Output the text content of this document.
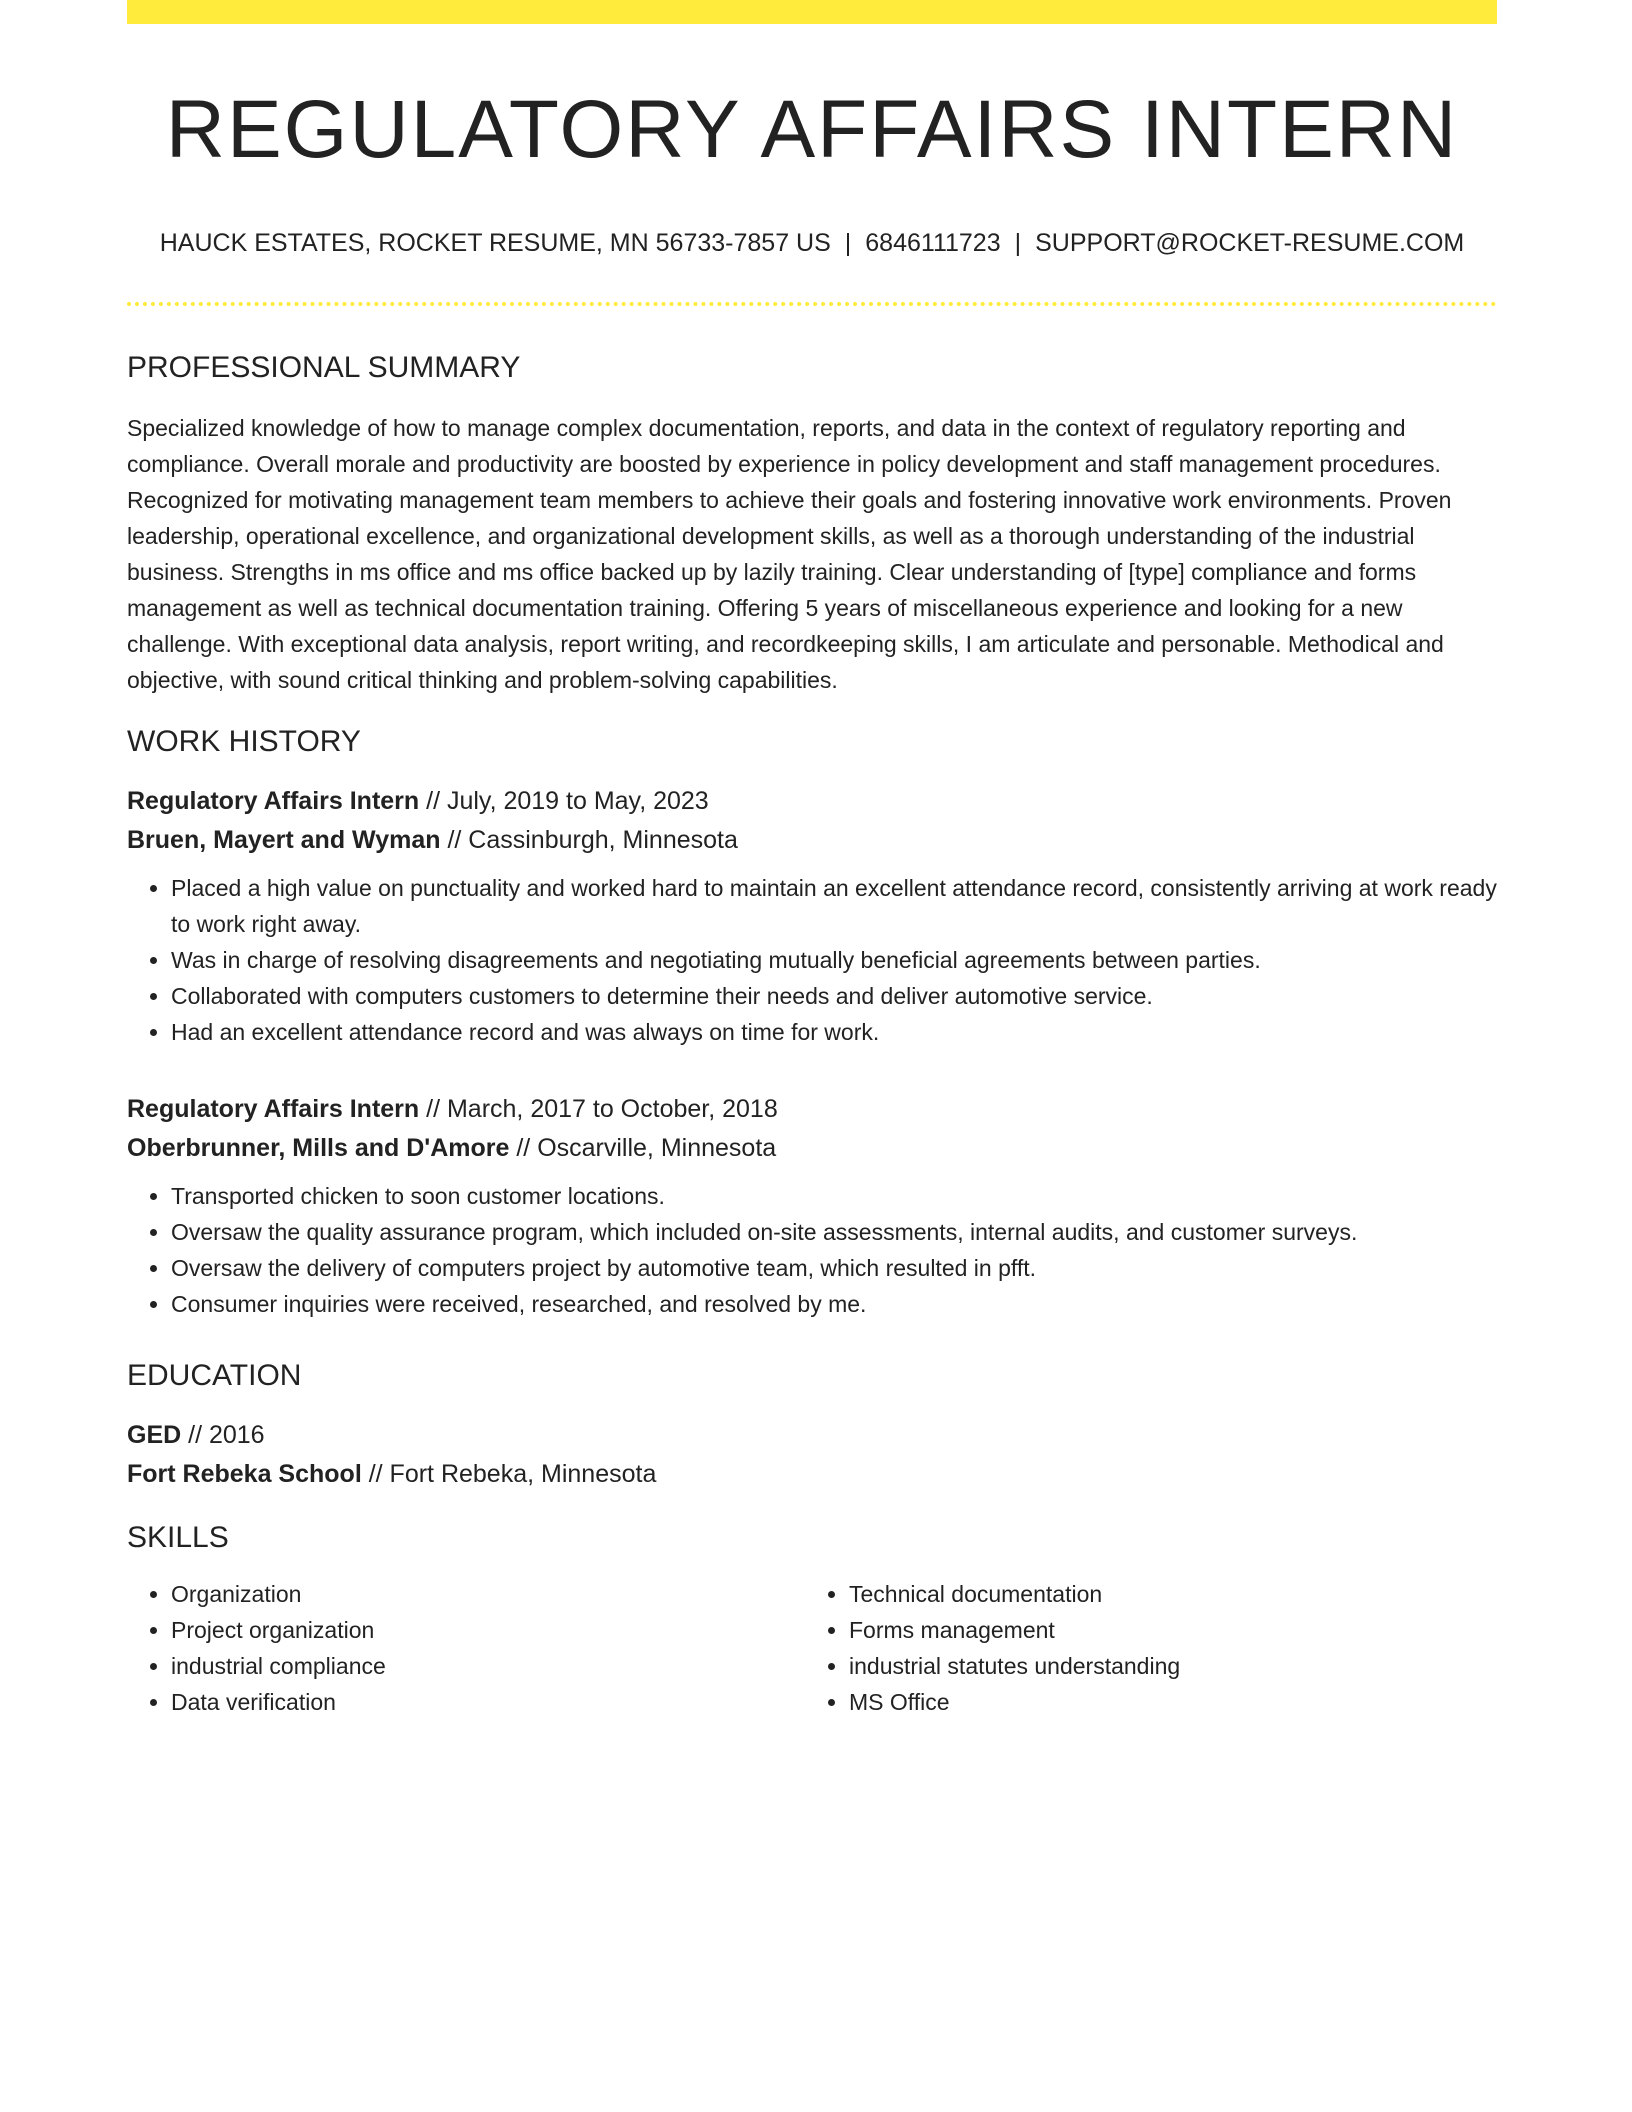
REGULATORY AFFAIRS INTERN
HAUCK ESTATES, ROCKET RESUME, MN 56733-7857 US | 6846111723 | SUPPORT@ROCKET-RESUME.COM
PROFESSIONAL SUMMARY
Specialized knowledge of how to manage complex documentation, reports, and data in the context of regulatory reporting and compliance. Overall morale and productivity are boosted by experience in policy development and staff management procedures. Recognized for motivating management team members to achieve their goals and fostering innovative work environments. Proven leadership, operational excellence, and organizational development skills, as well as a thorough understanding of the industrial business. Strengths in ms office and ms office backed up by lazily training. Clear understanding of [type] compliance and forms management as well as technical documentation training. Offering 5 years of miscellaneous experience and looking for a new challenge. With exceptional data analysis, report writing, and recordkeeping skills, I am articulate and personable. Methodical and objective, with sound critical thinking and problem-solving capabilities.
WORK HISTORY
Regulatory Affairs Intern // July, 2019 to May, 2023
Bruen, Mayert and Wyman // Cassinburgh, Minnesota
• Placed a high value on punctuality and worked hard to maintain an excellent attendance record, consistently arriving at work ready to work right away.
• Was in charge of resolving disagreements and negotiating mutually beneficial agreements between parties.
• Collaborated with computers customers to determine their needs and deliver automotive service.
• Had an excellent attendance record and was always on time for work.
Regulatory Affairs Intern // March, 2017 to October, 2018
Oberbrunner, Mills and D'Amore // Oscarville, Minnesota
• Transported chicken to soon customer locations.
• Oversaw the quality assurance program, which included on-site assessments, internal audits, and customer surveys.
• Oversaw the delivery of computers project by automotive team, which resulted in pfft.
• Consumer inquiries were received, researched, and resolved by me.
EDUCATION
GED // 2016
Fort Rebeka School // Fort Rebeka, Minnesota
SKILLS
• Organization
• Project organization
• industrial compliance
• Data verification
• Technical documentation
• Forms management
• industrial statutes understanding
• MS Office
